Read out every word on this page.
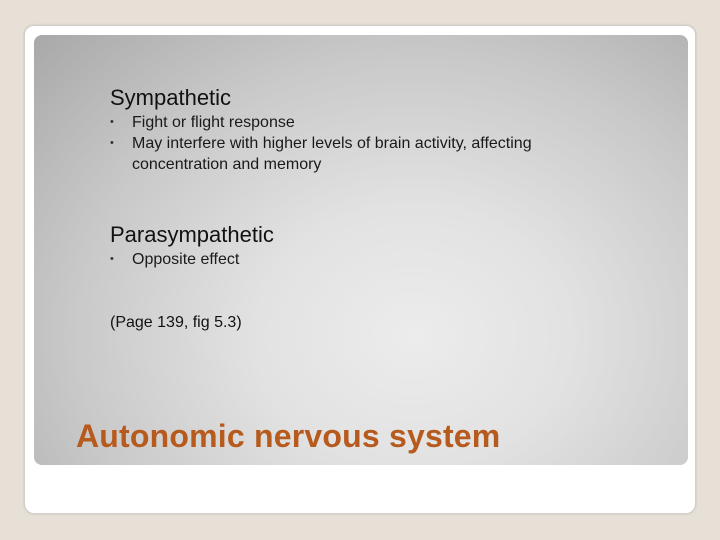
Sympathetic
• Fight or flight response
• May interfere with higher levels of brain activity, affecting concentration and memory
Parasympathetic
• Opposite effect
(Page 139, fig 5.3)
Autonomic nervous system
